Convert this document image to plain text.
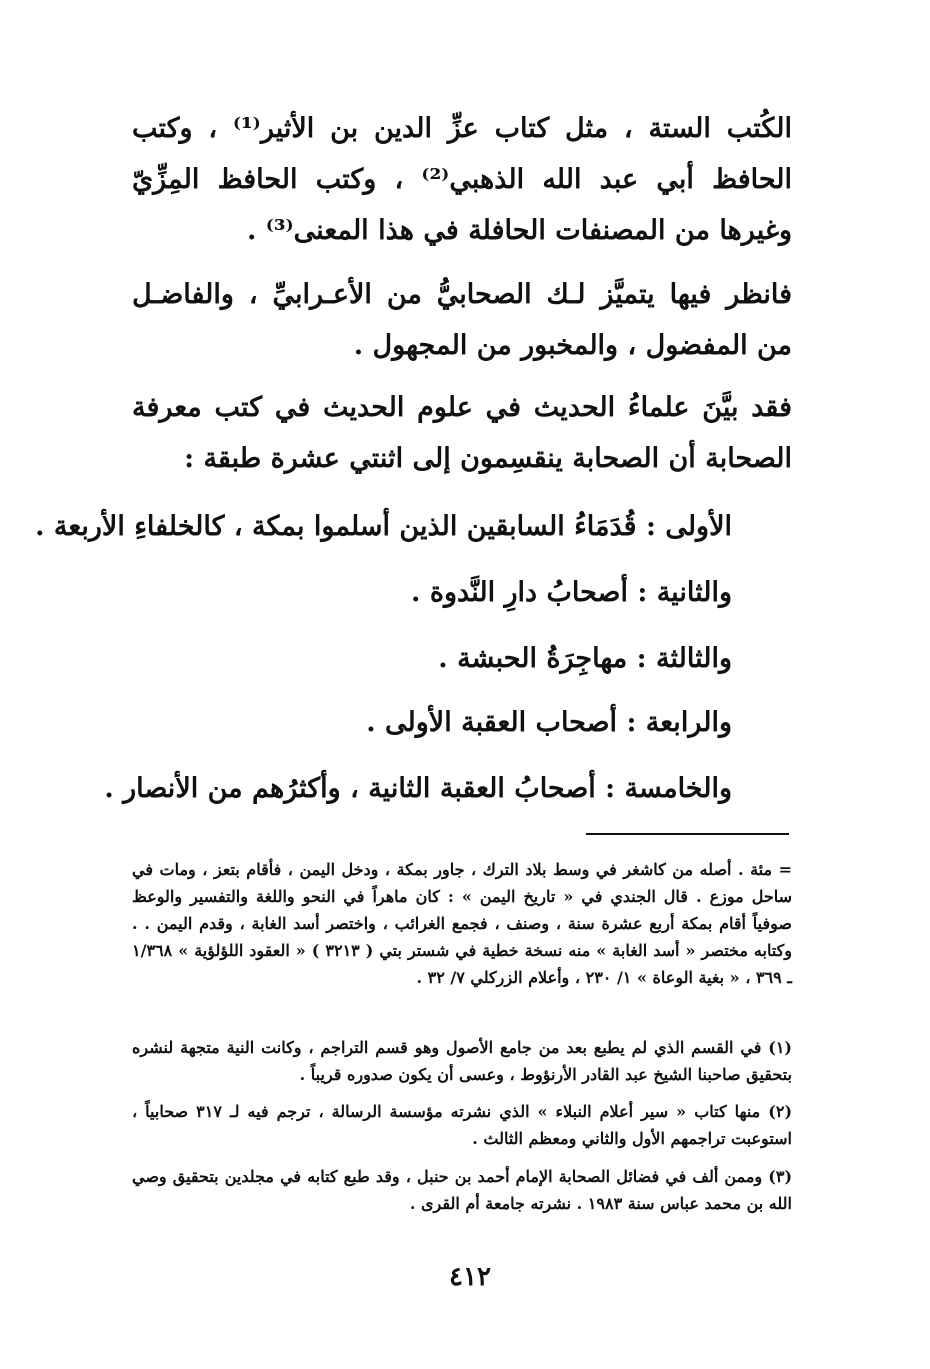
الكُتب الستة ، مثل كتاب عزِّ الدين بن الأثير⁽¹⁾ ، وكتب الحافظ أبي عبد الله الذهبي⁽²⁾ ، وكتب الحافظ المِزِّيّ وغيرها من المصنفات الحافلة في هذا المعنى⁽³⁾ .

فانظر فيها يتميَّز لـك الصحابيُّ من الأعـرابيِّ ، والفاضـل من المفضول ، والمخبور من المجهول .

فقد بيَّنَ علماءُ الحديث في علوم الحديث في كتب معرفة الصحابة أن الصحابة ينقسِمون إلى اثنتي عشرة طبقة :

الأولى : قُدَمَاءُ السابقين الذين أسلموا بمكة ، كالخلفاءِ الأربعة .
والثانية : أصحابُ دارِ النَّدوة .
والثالثة : مهاجِرَةُ الحبشة .
والرابعة : أصحاب العقبة الأولى .
والخامسة : أصحابُ العقبة الثانية ، وأكثرُهم من الأنصار .

= مئة . أصله من كاشغر في وسط بلاد الترك ، جاور بمكة ، ودخل اليمن ، فأقام بتعز ، ومات في ساحل موزع . قال الجندي في « تاريخ اليمن » : كان ماهراً في النحو واللغة والتفسير والوعظ صوفياً أقام بمكة أربع عشرة سنة ، وصنف ، فجمع الغرائب ، واختصر أسد الغابة ، وقدم اليمن . . وكتابه مختصر « أسد الغابة » منه نسخة خطية في شستر بتي ( ٣٢١٣ ) « العقود اللؤلؤية » ١/٣٦٨ ـ ٣٦٩ ، « بغية الوعاة » ١/ ٢٣٠ ، وأعلام الزركلي ٧/ ٣٢ .

(١) في القسم الذي لم يطبع بعد من جامع الأصول وهو قسم التراجم ، وكانت النية متجهة لنشره بتحقيق صاحبنا الشيخ عبد القادر الأرنؤوط ، وعسى أن يكون صدوره قريباً .

(٢) منها كتاب « سير أعلام النبلاء » الذي نشرته مؤسسة الرسالة ، ترجم فيه لـ ٣١٧ صحابياً ، استوعبت تراجمهم الأول والثاني ومعظم الثالث .

(٣) وممن ألف في فضائل الصحابة الإمام أحمد بن حنبل ، وقد طبع كتابه في مجلدين بتحقيق وصي الله بن محمد عباس سنة ١٩٨٣ . نشرته جامعة أم القرى .

٤١٢
